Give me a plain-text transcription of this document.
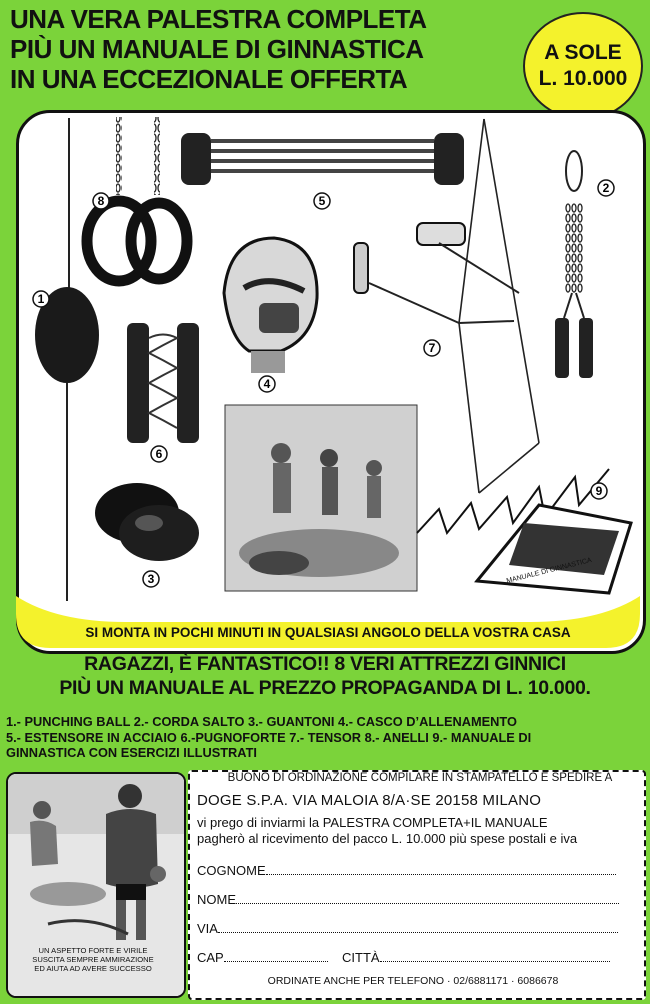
UNA VERA PALESTRA COMPLETA
PIÙ UN MANUALE DI GINNASTICA
IN UNA ECCEZIONALE OFFERTA
A SOLE
L. 10.000
MANUALE DI GINNASTICA
1
2
3
4
5
6
7
8
9
SI MONTA IN POCHI MINUTI IN QUALSIASI ANGOLO DELLA VOSTRA CASA
RAGAZZI, È FANTASTICO!! 8 VERI ATTREZZI GINNICI
PIÙ UN MANUALE AL PREZZO PROPAGANDA DI L. 10.000.
1.- PUNCHING BALL 2.- CORDA SALTO 3.- GUANTONI 4.- CASCO D’ALLENAMENTO
5.- ESTENSORE IN ACCIAIO 6.-PUGNOFORTE 7.- TENSOR 8.- ANELLI 9.- MANUALE DI
GINNASTICA CON ESERCIZI ILLUSTRATI
UN ASPETTO FORTE E VIRILE
SUSCITA SEMPRE AMMIRAZIONE
ED AIUTA AD AVERE SUCCESSO
BUONO DI ORDINAZIONE COMPILARE IN STAMPATELLO E SPEDIRE A
DOGE S.P.A. VIA MALOIA 8/A·SE 20158 MILANO
vi prego di inviarmi la PALESTRA COMPLETA+IL MANUALE
pagherò al ricevimento del pacco L. 10.000 più spese postali e iva
COGNOME
NOME
VIA
CAP	CITTÀ
ORDINATE ANCHE PER TELEFONO · 02/6881171 · 6086678
